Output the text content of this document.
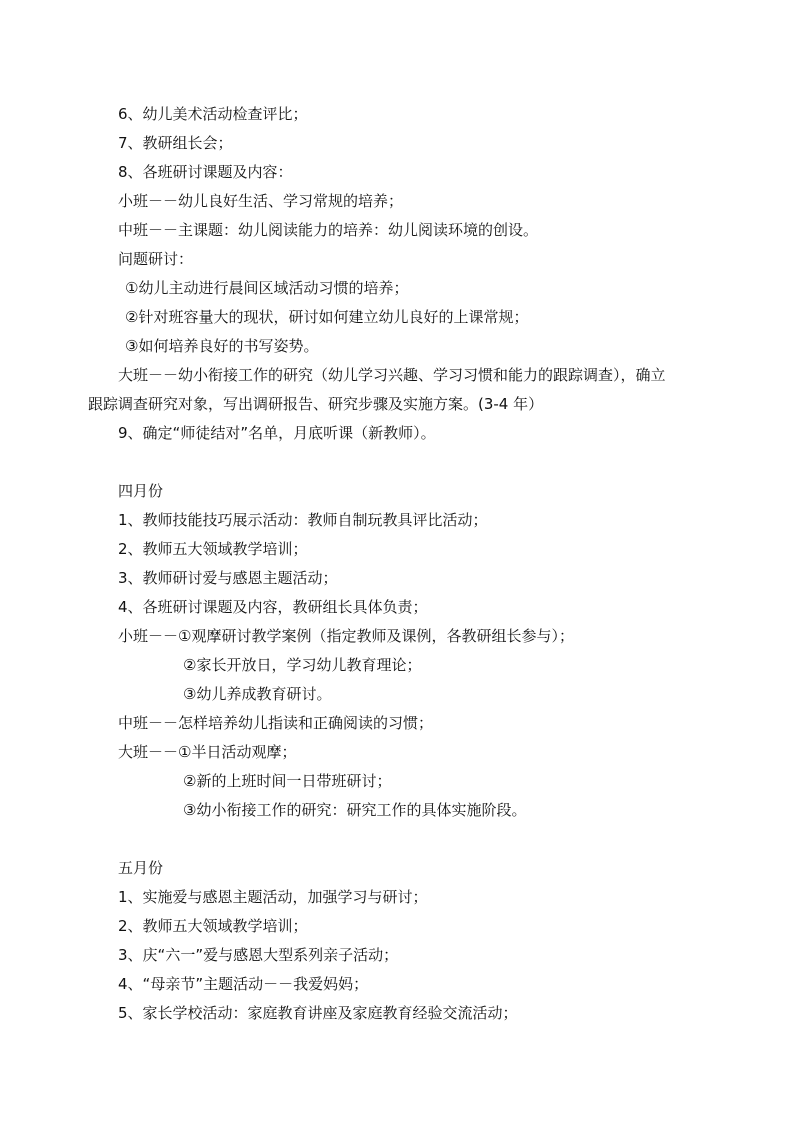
6、幼儿美术活动检查评比；
7、教研组长会；
8、各班研讨课题及内容：
小班－－幼儿良好生活、学习常规的培养；
中班－－主课题：幼儿阅读能力的培养：幼儿阅读环境的创设。
问题研讨：
①幼儿主动进行晨间区域活动习惯的培养；
②针对班容量大的现状，研讨如何建立幼儿良好的上课常规；
③如何培养良好的书写姿势。
大班－－幼小衔接工作的研究（幼儿学习兴趣、学习习惯和能力的跟踪调查），确立
跟踪调查研究对象，写出调研报告、研究步骤及实施方案。(3-4 年）
9、确定“师徒结对”名单，月底听课（新教师）。
四月份
1、教师技能技巧展示活动：教师自制玩教具评比活动；
2、教师五大领域教学培训；
3、教师研讨爱与感恩主题活动；
4、各班研讨课题及内容，教研组长具体负责；
小班－－①观摩研讨教学案例（指定教师及课例，各教研组长参与）；
②家长开放日，学习幼儿教育理论；
③幼儿养成教育研讨。
中班－－怎样培养幼儿指读和正确阅读的习惯；
大班－－①半日活动观摩；
②新的上班时间一日带班研讨；
③幼小衔接工作的研究：研究工作的具体实施阶段。
五月份
1、实施爱与感恩主题活动，加强学习与研讨；
2、教师五大领域教学培训；
3、庆“六一”爱与感恩大型系列亲子活动；
4、“母亲节”主题活动－－我爱妈妈；
5、家长学校活动：家庭教育讲座及家庭教育经验交流活动；
